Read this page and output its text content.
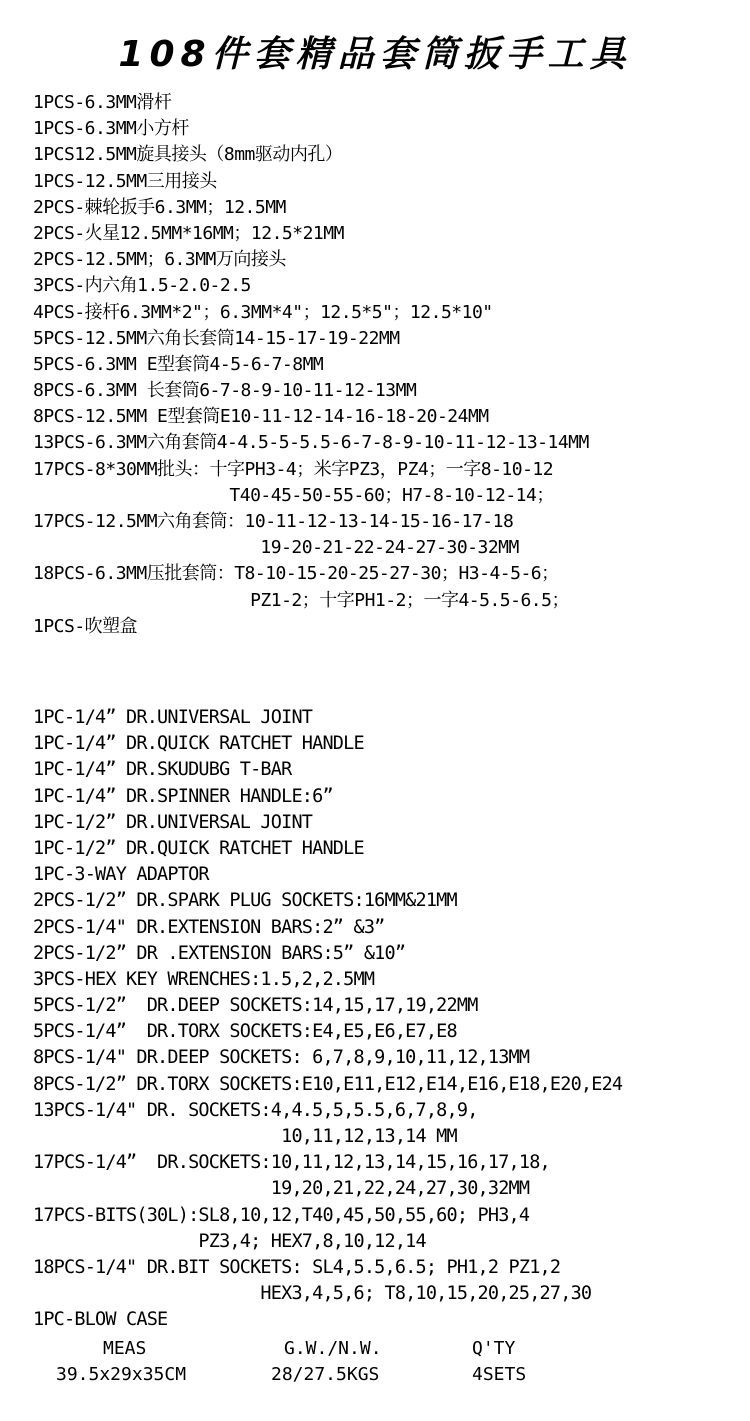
108件套精品套筒扳手工具
1PCS-6.3MM滑杆
1PCS-6.3MM小方杆
1PCS12.5MM旋具接头（8mm驱动内孔）
1PCS-12.5MM三用接头
2PCS-棘轮扳手6.3MM；12.5MM
2PCS-火星12.5MM*16MM；12.5*21MM
2PCS-12.5MM；6.3MM万向接头
3PCS-内六角1.5-2.0-2.5
4PCS-接杆6.3MM*2"；6.3MM*4"；12.5*5"；12.5*10"
5PCS-12.5MM六角长套筒14-15-17-19-22MM
5PCS-6.3MM E型套筒4-5-6-7-8MM
8PCS-6.3MM 长套筒6-7-8-9-10-11-12-13MM
8PCS-12.5MM E型套筒E10-11-12-14-16-18-20-24MM
13PCS-6.3MM六角套筒4-4.5-5-5.5-6-7-8-9-10-11-12-13-14MM
17PCS-8*30MM批头：十字PH3-4；米字PZ3，PZ4；一字8-10-12
T40-45-50-55-60；H7-8-10-12-14；
17PCS-12.5MM六角套筒：10-11-12-13-14-15-16-17-18
19-20-21-22-24-27-30-32MM
18PCS-6.3MM压批套筒：T8-10-15-20-25-27-30；H3-4-5-6；
PZ1-2；十字PH1-2；一字4-5.5-6.5；
1PCS-吹塑盒
1PC-1/4” DR.UNIVERSAL JOINT
1PC-1/4” DR.QUICK RATCHET HANDLE
1PC-1/4” DR.SKUDUBG T-BAR
1PC-1/4” DR.SPINNER HANDLE:6”
1PC-1/2” DR.UNIVERSAL JOINT
1PC-1/2” DR.QUICK RATCHET HANDLE
1PC-3-WAY ADAPTOR
2PCS-1/2” DR.SPARK PLUG SOCKETS:16MM&21MM
2PCS-1/4" DR.EXTENSION BARS:2” &3”
2PCS-1/2” DR .EXTENSION BARS:5” &10”
3PCS-HEX KEY WRENCHES:1.5,2,2.5MM
5PCS-1/2”  DR.DEEP SOCKETS:14,15,17,19,22MM
5PCS-1/4”  DR.TORX SOCKETS:E4,E5,E6,E7,E8
8PCS-1/4" DR.DEEP SOCKETS: 6,7,8,9,10,11,12,13MM
8PCS-1/2” DR.TORX SOCKETS:E10,E11,E12,E14,E16,E18,E20,E24
13PCS-1/4" DR. SOCKETS:4,4.5,5,5.5,6,7,8,9,
10,11,12,13,14 MM
17PCS-1/4”  DR.SOCKETS:10,11,12,13,14,15,16,17,18,
19,20,21,22,24,27,30,32MM
17PCS-BITS(30L):SL8,10,12,T40,45,50,55,60; PH3,4
PZ3,4; HEX7,8,10,12,14
18PCS-1/4" DR.BIT SOCKETS: SL4,5.5,6.5; PH1,2 PZ1,2
HEX3,4,5,6; T8,10,15,20,25,27,30
1PC-BLOW CASE
MEAS	G.W./N.W.	Q'TY
39.5x29x35CM	28/27.5KGS	4SETS
